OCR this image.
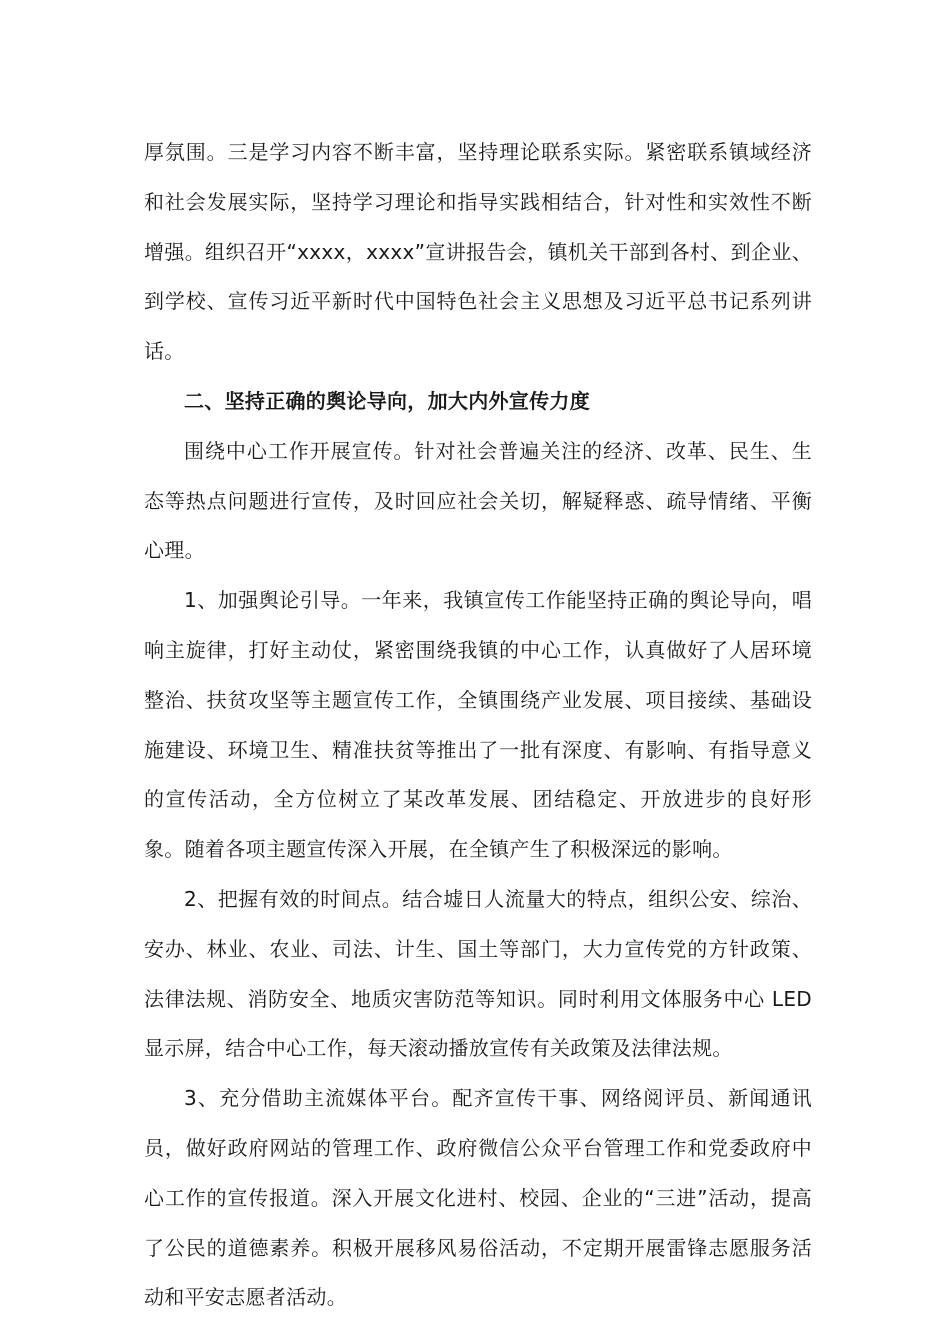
厚氛围。三是学习内容不断丰富，坚持理论联系实际。紧密联系镇域经济和社会发展实际，坚持学习理论和指导实践相结合，针对性和实效性不断增强。组织召开“xxxx，xxxx”宣讲报告会，镇机关干部到各村、到企业、到学校、宣传习近平新时代中国特色社会主义思想及习近平总书记系列讲话。

二、坚持正确的舆论导向，加大内外宣传力度

围绕中心工作开展宣传。针对社会普遍关注的经济、改革、民生、生态等热点问题进行宣传，及时回应社会关切，解疑释惑、疏导情绪、平衡心理。

1、加强舆论引导。一年来，我镇宣传工作能坚持正确的舆论导向，唱响主旋律，打好主动仗，紧密围绕我镇的中心工作，认真做好了人居环境整治、扶贫攻坚等主题宣传工作，全镇围绕产业发展、项目接续、基础设施建设、环境卫生、精准扶贫等推出了一批有深度、有影响、有指导意义的宣传活动，全方位树立了某改革发展、团结稳定、开放进步的良好形象。随着各项主题宣传深入开展，在全镇产生了积极深远的影响。

2、把握有效的时间点。结合墟日人流量大的特点，组织公安、综治、安办、林业、农业、司法、计生、国土等部门，大力宣传党的方针政策、法律法规、消防安全、地质灾害防范等知识。同时利用文体服务中心 LED 显示屏，结合中心工作，每天滚动播放宣传有关政策及法律法规。

3、充分借助主流媒体平台。配齐宣传干事、网络阅评员、新闻通讯员，做好政府网站的管理工作、政府微信公众平台管理工作和党委政府中心工作的宣传报道。深入开展文化进村、校园、企业的“三进”活动，提高了公民的道德素养。积极开展移风易俗活动，不定期开展雷锋志愿服务活动和平安志愿者活动。
